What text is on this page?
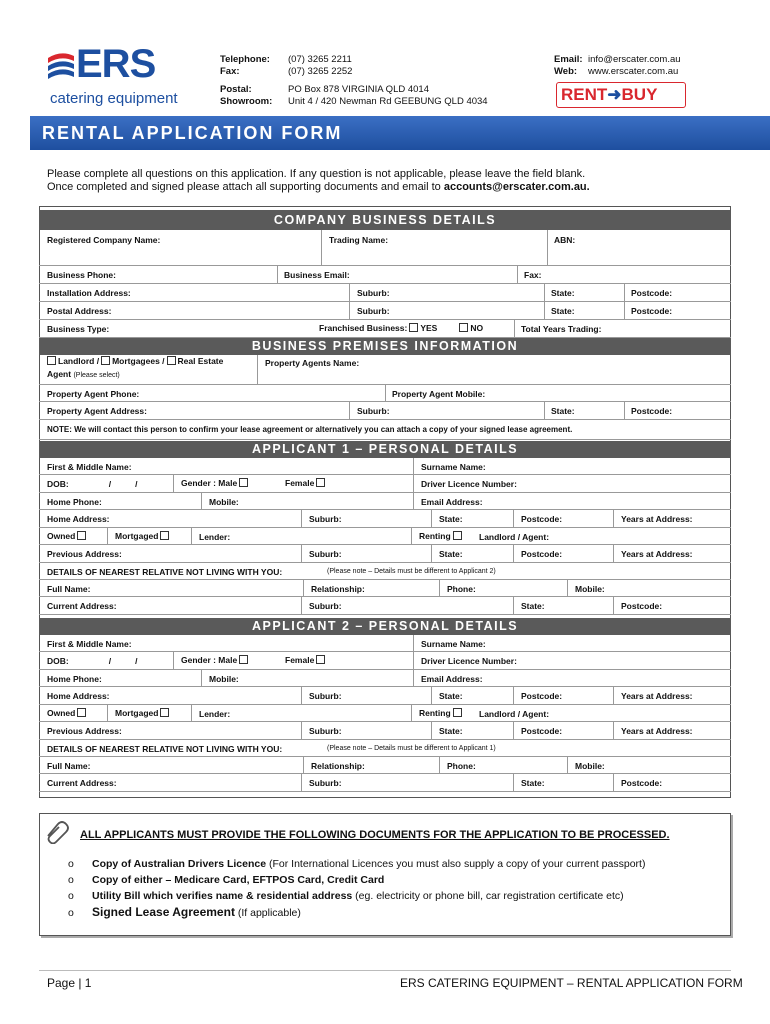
ERS
catering equipment
Telephone: (07) 3265 2211
Fax:	(07) 3265 2252
Postal:	PO Box 878 VIRGINIA QLD 4014
Showroom: Unit 4 / 420 Newman Rd GEEBUNG QLD 4034
Email: info@erscater.com.au
Web: www.erscater.com.au
RENT➜BUY
RENTAL APPLICATION FORM
Please complete all questions on this application. If any question is not applicable, please leave the field blank.
Once completed and signed please attach all supporting documents and email to accounts@erscater.com.au.
COMPANY BUSINESS DETAILS
Registered Company Name:	Trading Name:	ABN:
Business Phone:	Business Email:	Fax:
Installation Address:	Suburb:	State:	Postcode:
Postal Address:	Suburb:	State:	Postcode:
Business Type:	Franchised Business: YES	NO	Total Years Trading:
BUSINESS PREMISES INFORMATION
Landlord / Mortgagees / Real Estate
Agent (Please select)
Property Agents Name:
Property Agent Phone:	Property Agent Mobile:
Property Agent Address:	Suburb:	State:	Postcode:
NOTE: We will contact this person to confirm your lease agreement or alternatively you can attach a copy of your signed lease agreement.
APPLICANT 1 – PERSONAL DETAILS
First & Middle Name:	Surname Name:
DOB:	/	/	Gender : Male	Female	Driver Licence Number:
Home Phone:	Mobile:	Email Address:
Home Address:	Suburb:	State:	Postcode:	Years at Address:
Owned	Mortgaged	Lender:	Renting	Landlord / Agent:
Previous Address:	Suburb:	State:	Postcode:	Years at Address:
DETAILS OF NEAREST RELATIVE NOT LIVING WITH YOU:	(Please note – Details must be different to Applicant 2)
Full Name:	Relationship:	Phone:	Mobile:
Current Address:	Suburb:	State:	Postcode:
APPLICANT 2 – PERSONAL DETAILS
First & Middle Name:	Surname Name:
DOB:	/	/	Gender : Male	Female	Driver Licence Number:
Home Phone:	Mobile:	Email Address:
Home Address:	Suburb:	State:	Postcode:	Years at Address:
Owned	Mortgaged	Lender:	Renting	Landlord / Agent:
Previous Address:	Suburb:	State:	Postcode:	Years at Address:
DETAILS OF NEAREST RELATIVE NOT LIVING WITH YOU:	(Please note – Details must be different to Applicant 1)
Full Name:	Relationship:	Phone:	Mobile:
Current Address:	Suburb:	State:	Postcode:
ALL APPLICANTS MUST PROVIDE THE FOLLOWING DOCUMENTS FOR THE APPLICATION TO BE PROCESSED.
o Copy of Australian Drivers Licence (For International Licences you must also supply a copy of your current passport)
o Copy of either – Medicare Card, EFTPOS Card, Credit Card
o Utility Bill which verifies name & residential address (eg. electricity or phone bill, car registration certificate etc)
o Signed Lease Agreement (If applicable)
Page | 1	ERS CATERING EQUIPMENT – RENTAL APPLICATION FORM
